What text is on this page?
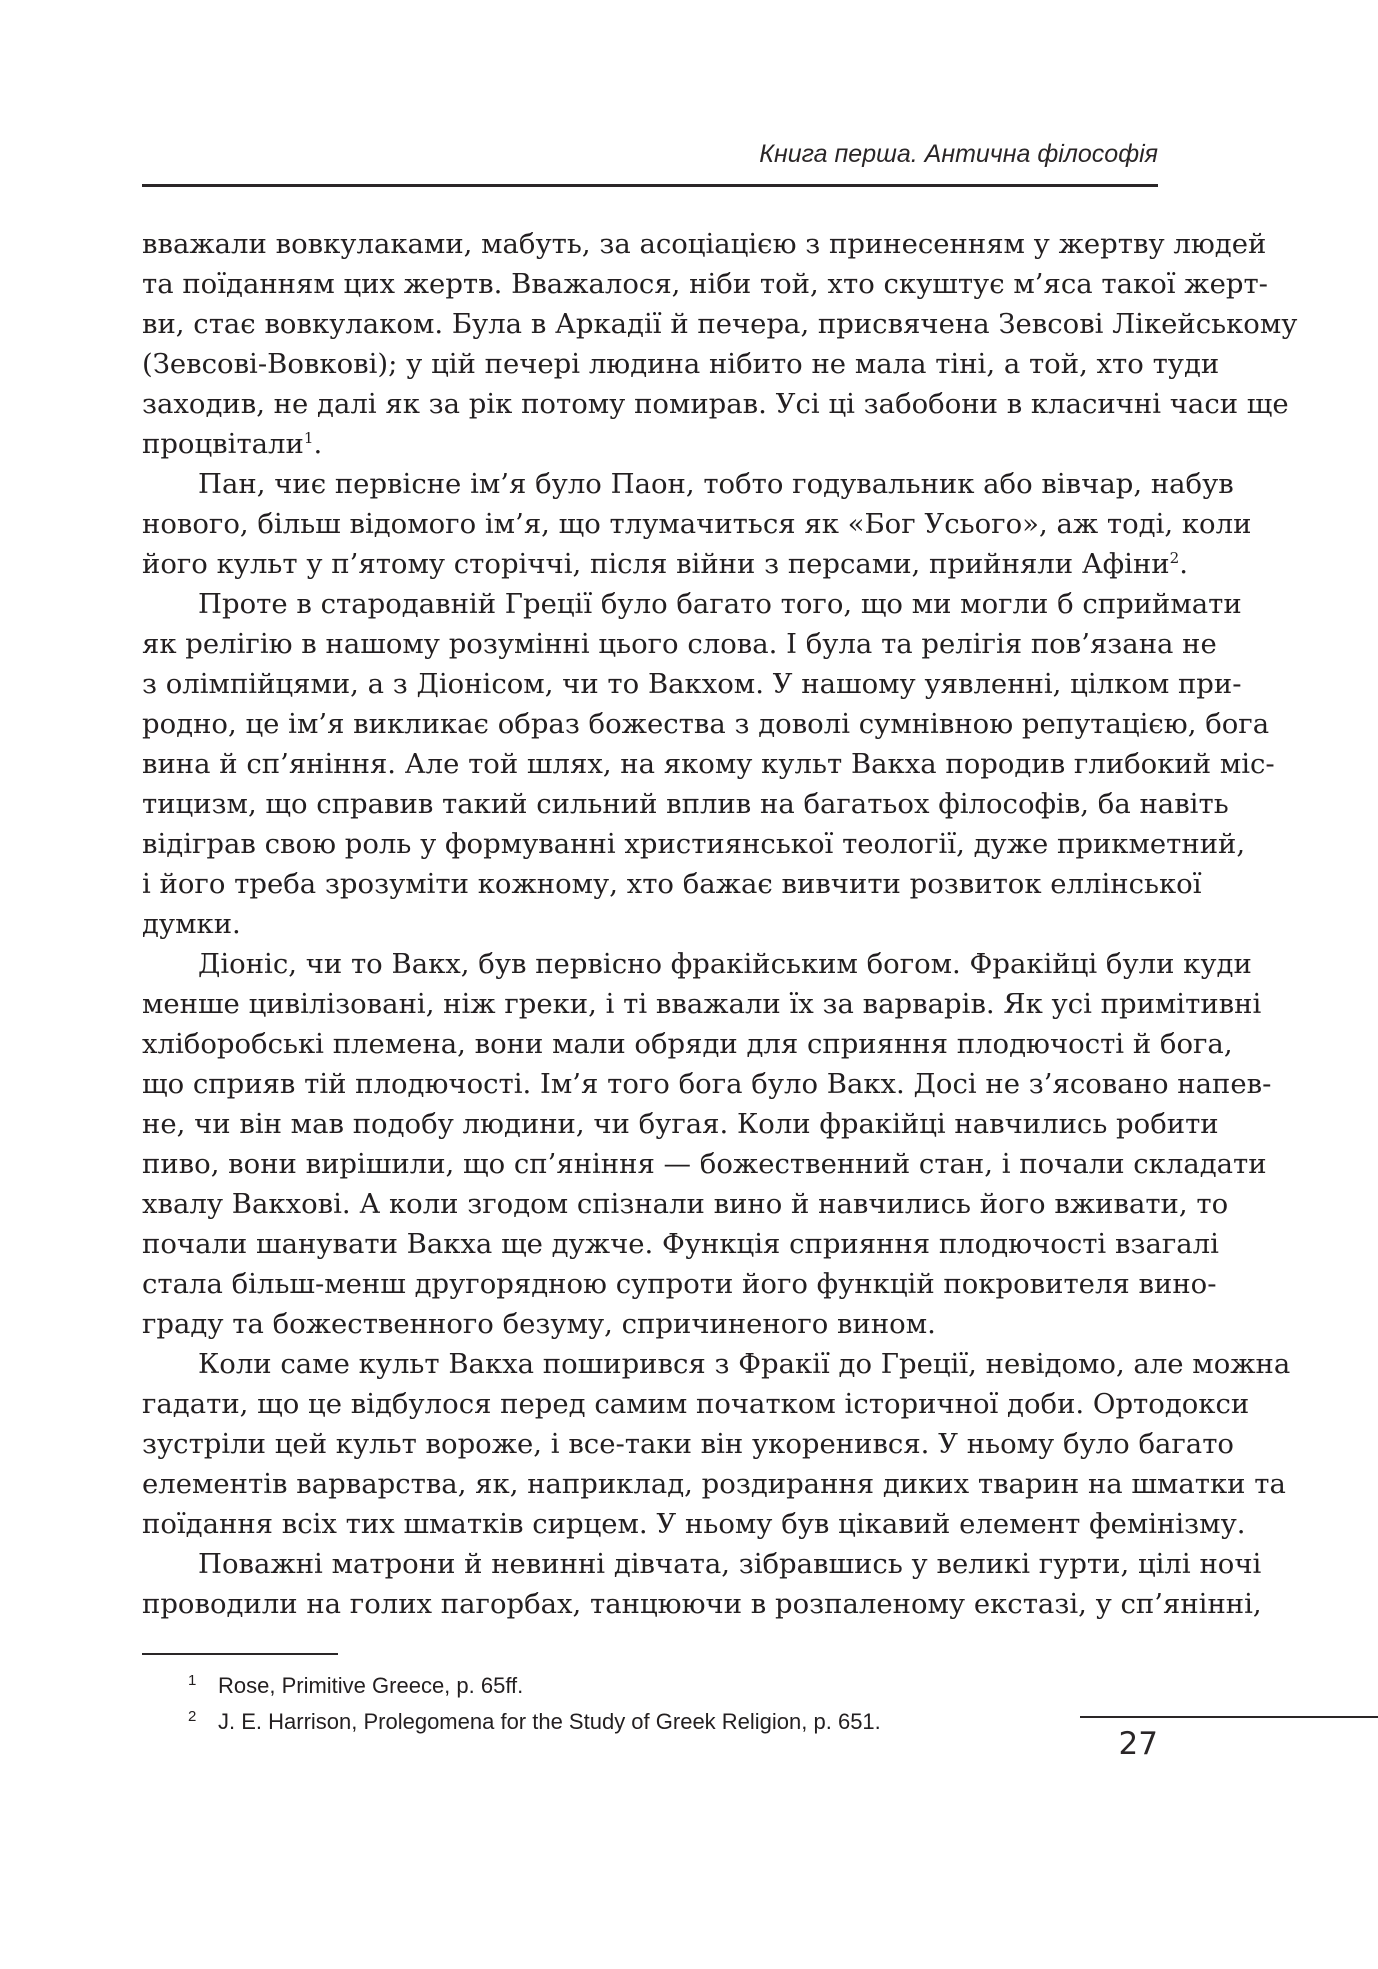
Книга перша. Антична філософія
вважали вовкулаками, мабуть, за асоціацією з принесенням у жертву людей
та поїданням цих жертв. Вважалося, ніби той, хто скуштує м’яса такої жерт-
ви, стає вовкулаком. Була в Аркадії й печера, присвячена Зевсові Лікейському
(Зевсові-Вовкові); у цій печері людина нібито не мала тіні, а той, хто туди
заходив, не далі як за рік потому помирав. Усі ці забобони в класичні часи ще
процвітали$^1$.
Пан, чиє первісне ім’я було Паон, тобто годувальник або вівчар, набув
нового, більш відомого ім’я, що тлумачиться як «Бог Усього», аж тоді, коли
його культ у п’ятому сторіччі, після війни з персами, прийняли Афіни$^2$.
Проте в стародавній Греції було багато того, що ми могли б сприймати
як релігію в нашому розумінні цього слова. І була та релігія пов’язана не
з олімпійцями, а з Діонісом, чи то Вакхом. У нашому уявленні, цілком при-
родно, це ім’я викликає образ божества з доволі сумнівною репутацією, бога
вина й сп’яніння. Але той шлях, на якому культ Вакха породив глибокий міс-
тицизм, що справив такий сильний вплив на багатьох філософів, ба навіть
відіграв свою роль у формуванні християнської теології, дуже прикметний,
і його треба зрозуміти кожному, хто бажає вивчити розвиток еллінської
думки.
Діоніс, чи то Вакх, був первісно фракійським богом. Фракійці були куди
менше цивілізовані, ніж греки, і ті вважали їх за варварів. Як усі примітивні
хліборобські племена, вони мали обряди для сприяння плодючості й бога,
що сприяв тій плодючості. Ім’я того бога було Вакх. Досі не з’ясовано напев-
не, чи він мав подобу людини, чи бугая. Коли фракійці навчились робити
пиво, вони вирішили, що сп’яніння — божественний стан, і почали складати
хвалу Вакхові. А коли згодом спізнали вино й навчились його вживати, то
почали шанувати Вакха ще дужче. Функція сприяння плодючості взагалі
стала більш-менш другорядною супроти його функцій покровителя вино-
граду та божественного безуму, спричиненого вином.
Коли саме культ Вакха поширився з Фракії до Греції, невідомо, але можна
гадати, що це відбулося перед самим початком історичної доби. Ортодокси
зустріли цей культ вороже, і все-таки він укоренився. У ньому було багато
елементів варварства, як, наприклад, роздирання диких тварин на шматки та
поїдання всіх тих шматків сирцем. У ньому був цікавий елемент фемінізму.
Поважні матрони й невинні дівчата, зібравшись у великі гурти, цілі ночі
проводили на голих пагорбах, танцюючи в розпаленому екстазі, у сп’янінні,
1 Rose, Primitive Greece, p. 65ff.
2 J. E. Harrison, Prolegomena for the Study of Greek Religion, p. 651.
27
